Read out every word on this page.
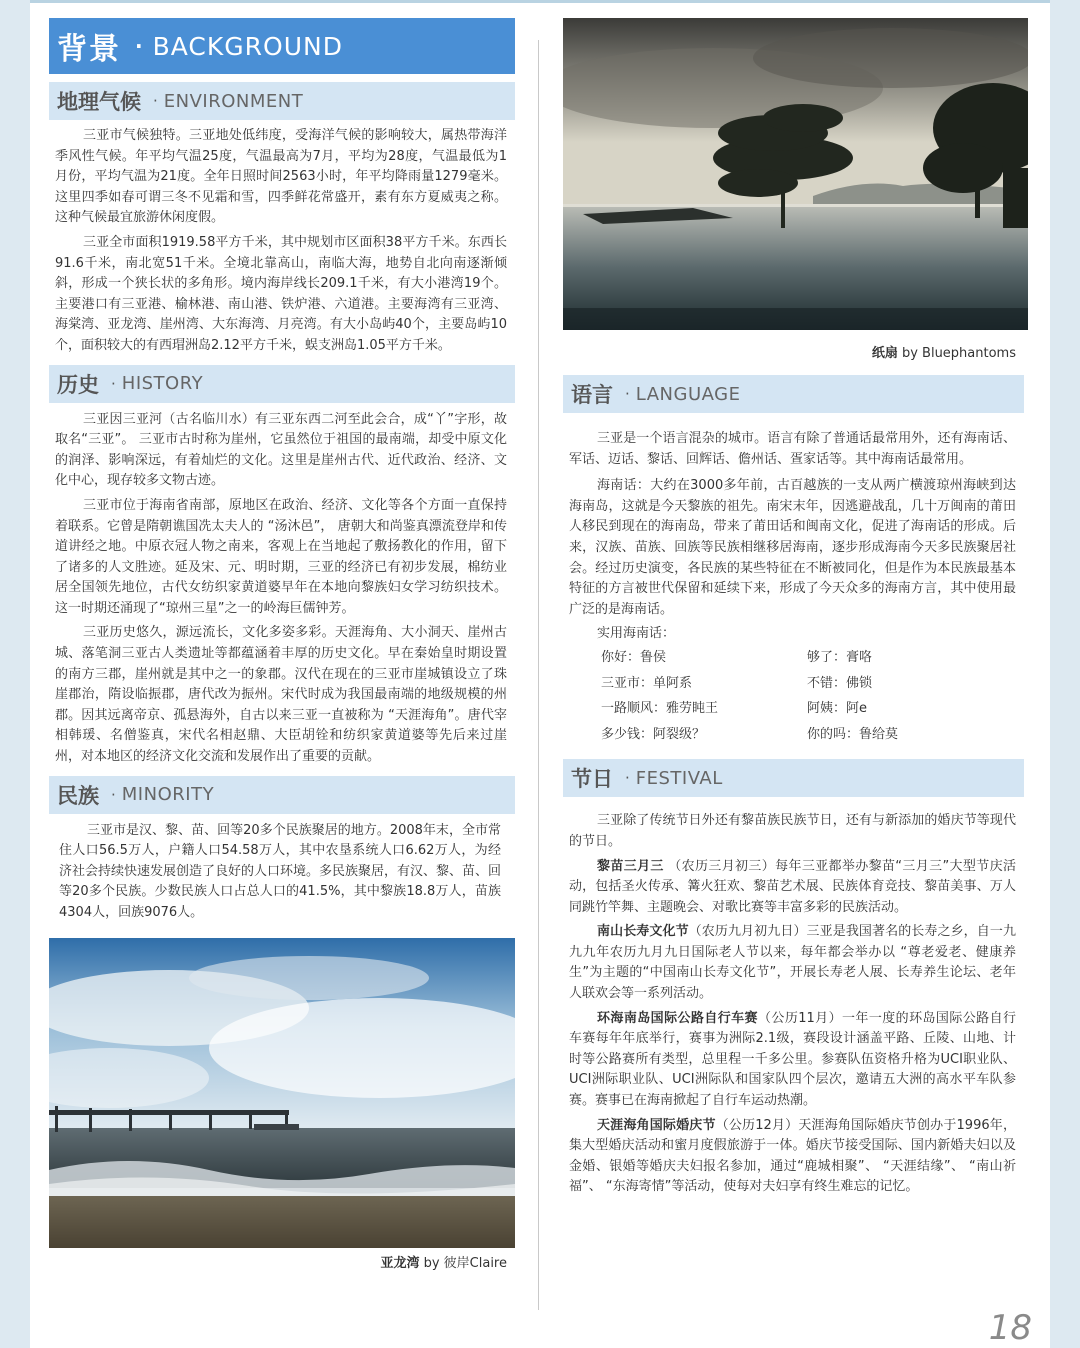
背景 · BACKGROUND
地理气候 · ENVIRONMENT

三亚市气候独特。三亚地处低纬度，受海洋气候的影响较大，属热带海洋季风性气候。年平均气温25度，气温最高为7月，平均为28度，气温最低为1月份，平均气温为21度。全年日照时间2563小时，年平均降雨量1279毫米。这里四季如春可谓三冬不见霜和雪，四季鲜花常盛开，素有东方夏威夷之称。这种气候最宜旅游休闲度假。

三亚全市面积1919.58平方千米，其中规划市区面积38平方千米。东西长91.6千米，南北宽51千米。全境北靠高山，南临大海，地势自北向南逐渐倾斜，形成一个狭长状的多角形。境内海岸线长209.1千米，有大小港湾19个。主要港口有三亚港、榆林港、南山港、铁炉港、六道港。主要海湾有三亚湾、海棠湾、亚龙湾、崖州湾、大东海湾、月亮湾。有大小岛屿40个，主要岛屿10个，面积较大的有西瑁洲岛2.12平方千米，蜈支洲岛1.05平方千米。

历史 · HISTORY

三亚因三亚河（古名临川水）有三亚东西二河至此会合，成“丫”字形，故取名“三亚”。 三亚市古时称为崖州，它虽然位于祖国的最南端，却受中原文化的润泽、影响深远，有着灿烂的文化。这里是崖州古代、近代政治、经济、文化中心，现存较多文物古迹。

三亚市位于海南省南部，原地区在政治、经济、文化等各个方面一直保持着联系。它曾是隋朝谯国冼太夫人的 “汤沐邑”， 唐朝大和尚鉴真漂流登岸和传道讲经之地。中原衣冠人物之南来，客观上在当地起了敷扬教化的作用，留下了诸多的人文胜迹。延及宋、元、明时期，三亚的经济已有初步发展，棉纺业居全国领先地位，古代女纺织家黄道婆早年在本地向黎族妇女学习纺织技术。这一时期还涌现了“琼州三星”之一的岭海巨儒钟芳。

三亚历史悠久，源远流长，文化多姿多彩。天涯海角、大小洞天、崖州古城、落笔洞三亚古人类遗址等都蕴涵着丰厚的历史文化。早在秦始皇时期设置的南方三郡，崖州就是其中之一的象郡。汉代在现在的三亚市崖城镇设立了珠崖郡治，隋设临振郡，唐代改为振州。宋代时成为我国最南端的地级规模的州郡。因其远离帝京、孤悬海外，自古以来三亚一直被称为 “天涯海角”。唐代宰相韩瑗、名僧鉴真，宋代名相赵鼎、大臣胡铨和纺织家黄道婆等先后来过崖州，对本地区的经济文化交流和发展作出了重要的贡献。

民族 · MINORITY

三亚市是汉、黎、苗、回等20多个民族聚居的地方。2008年末，全市常住人口56.5万人，户籍人口54.58万人，其中农垦系统人口6.62万人，为经济社会持续快速发展创造了良好的人口环境。多民族聚居，有汉、黎、苗、回等20多个民族。少数民族人口占总人口的41.5%，其中黎族18.8万人，苗族4304人，回族9076人。

亚龙湾 by 彼岸Claire
纸扇 by Bluephantoms
语言 · LANGUAGE

三亚是一个语言混杂的城市。语言有除了普通话最常用外，还有海南话、军话、迈话、黎话、回辉话、儋州话、疍家话等。其中海南话最常用。

海南话：大约在3000多年前，古百越族的一支从两广横渡琼州海峡到达海南岛，这就是今天黎族的祖先。南宋末年，因逃避战乱，几十万闽南的莆田人移民到现在的海南岛，带来了莆田话和闽南文化，促进了海南话的形成。后来，汉族、苗族、回族等民族相继移居海南，逐步形成海南今天多民族聚居社会。经过历史演变，各民族的某些特征在不断被同化，但是作为本民族最基本特征的方言被世代保留和延续下来，形成了今天众多的海南方言，其中使用最广泛的是海南话。

实用海南话：

你好：鲁侯	够了：膏咯
三亚市：单阿系	不错：佛锁
一路顺风：雅劳盹王	阿姨：阿e
多少钱：阿裂级？	你的吗：鲁给莫
节日 · FESTIVAL

三亚除了传统节日外还有黎苗族民族节日，还有与新添加的婚庆节等现代的节日。

黎苗三月三 （农历三月初三）每年三亚都举办黎苗“三月三”大型节庆活动，包括圣火传承、篝火狂欢、黎苗艺术展、民族体育竞技、黎苗美事、万人同跳竹竿舞、主题晚会、对歌比赛等丰富多彩的民族活动。

南山长寿文化节（农历九月初九日）三亚是我国著名的长寿之乡，自一九九九年农历九月九日国际老人节以来，每年都会举办以 “尊老爱老、健康养生”为主题的“中国南山长寿文化节”，开展长寿老人展、长寿养生论坛、老年人联欢会等一系列活动。

环海南岛国际公路自行车赛（公历11月）一年一度的环岛国际公路自行车赛每年年底举行，赛事为洲际2.1级，赛段设计涵盖平路、丘陵、山地、计时等公路赛所有类型，总里程一千多公里。参赛队伍资格升格为UCI职业队、UCI洲际职业队、UCI洲际队和国家队四个层次，邀请五大洲的高水平车队参赛。赛事已在海南掀起了自行车运动热潮。

天涯海角国际婚庆节（公历12月）天涯海角国际婚庆节创办于1996年，集大型婚庆活动和蜜月度假旅游于一体。婚庆节接受国际、国内新婚夫妇以及金婚、银婚等婚庆夫妇报名参加，通过“鹿城相聚”、 “天涯结缘”、 “南山祈福”、 “东海寄情”等活动，使每对夫妇享有终生难忘的记忆。

18
